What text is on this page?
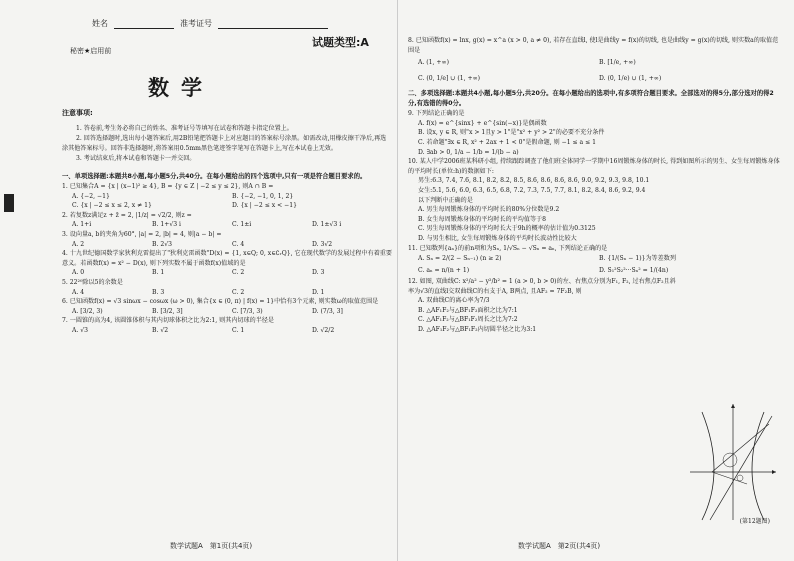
姓名	准考证号
试题类型:A
秘密★启用前
数学
注意事项:

1. 答卷前,考生务必将自己的姓名、准考证号等填写在试卷和答题卡指定位置上。

2. 回答选择题时,选出每小题答案后,用2B铅笔把答题卡上对应题目的答案标号涂黑。如需改动,用橡皮擦干净后,再选涂其他答案标号。回答非选择题时,将答案用0.5mm黑色笔迹签字笔写在答题卡上,写在本试卷上无效。

3. 考试结束后,将本试卷和答题卡一并交回。

一、单项选择题:本题共8小题,每小题5分,共40分。在每小题给出的四个选项中,只有一项是符合题目要求的。

1. 已知集合A = {x | (x−1)² ≥ 4}, B = {y ∈ Z | −2 ≤ y ≤ 2}, 则A ∩ B =

A. {−2, −1}	B. {−2, −1, 0, 1, 2}
C. {x | −2 ≤ x ≤ 2, x ≠ 1}	D. {x | −2 ≤ x < −1}

2. 若复数z满足z + z̄ = 2, |1/z| = √2/2, 则z =

A. 1+i	B. 1+√3 i	C. 1±i	D. 1±√3 i

3. 设向量a, b的夹角为60°, |a| = 2, |b| = 4, 则|a − b| =

A. 2	B. 2√3	C. 4	D. 3√2

4. 十九世纪德国数学家狄利克雷提出了"狄利克雷函数"D(x) = {1, x∈Q; 0, x∈∁ᵣQ}, 它在现代数学的发展过程中有着重要意义。若函数f(x) = x² − D(x), 则下列实数不属于函数f(x)值域的是

A. 0	B. 1	C. 2	D. 3

5. 22²⁰除以5的余数是

A. 4	B. 3	C. 2	D. 1

6. 已知函数f(x) = √3 sinωx − cosωx (ω > 0), 集合{x ∈ (0, π) | f(x) = 1}中恰有3个元素, 则实数ω的取值范围是

A. [3/2, 3)	B. [3/2, 3]	C. [7/3, 3)	D. (7/3, 3]

7. 一圆锥的高为4, 该圆锥体积与其内切球体积之比为2:1, 则其内切球的半径是

A. √3	B. √2	C. 1	D. √2/2
数学试题A　第1页(共4页)

8. 已知函数f(x) = lnx, g(x) = x^a (x > 0, a ≠ 0), 若存在直线l, 使l是曲线y = f(x)的切线, 也是曲线y = g(x)的切线, 则实数a的取值范围是

A. (1, +∞)	B. [1/e, +∞)
C. (0, 1/e] ∪ (1, +∞)	D. (0, 1/e) ∪ (1, +∞)

二、多项选择题:本题共4小题,每小题5分,共20分。在每小题给出的选项中,有多项符合题目要求。全部选对的得5分,部分选对的得2分,有选错的得0分。

9. 下列结论正确的是

A. f(x) = e^{sinx} + e^{sin(−x)}是偶函数

B. 设x, y ∈ R, 则"x > 1且y > 1"是"x² + y² > 2"的必要不充分条件

C. 若命题"∃x ∈ R, x² + 2ax + 1 < 0"是假命题, 则 −1 ≤ a ≤ 1

D. ∃ab > 0, 1/a − 1/b = 1/(b − a)

10. 某人中学2006班某科研小组, 持续跟踪调查了他们班全体同学一学期中16周锻炼身体的时长, 得到如图所示的男生、女生每周锻炼身体的平均时长(单位:h)的数据如下:

男生:6.3, 7.4, 7.6, 8.1, 8.2, 8.2, 8.5, 8.6, 8.6, 8.6, 8.6, 9.0, 9.2, 9.3, 9.8, 10.1

女生:5.1, 5.6, 6.0, 6.3, 6.5, 6.8, 7.2, 7.3, 7.5, 7.7, 8.1, 8.2, 8.4, 8.6, 9.2, 9.4

以下判断中正确的是

A. 男生每周锻炼身体的平均时长的80%分位数是9.2

B. 女生每周锻炼身体的平均时长的平均值等于8

C. 男生每周锻炼身体的平均时长大于9h的概率的估计值为0.3125

D. 与男生相比, 女生每周锻炼身体的平均时长波动性比较大

11. 已知数列{aₙ}的前n项和为Sₙ, 1/√Sₙ − √Sₙ = aₙ, 下列结论正确的是

A. Sₙ = 2/(2 − Sₙ₋₁) (n ≥ 2)	B. {1/(Sₙ − 1)}为等差数列
C. aₙ = n/(n + 1)	D. S₁²S₂²···Sₙ² = 1/(4n)

12. 如图, 双曲线C: x²/a² − y²/b² = 1 (a > 0, b > 0)的左、右焦点分别为F₁, F₂, 过右焦点F₂且斜率为√3的直线l交双曲线C的右支于A, B两点, 且AF₂ = 7F₂B, 则

A. 双曲线C的离心率为7/3

B. △AF₁F₂与△BF₁F₂面积之比为7:1

C. △AF₁F₂与△BF₁F₂周长之比为7:2

D. △AF₁F₂与△BF₁F₂内切圆半径之比为3:1

(第12题图)
数学试题A　第2页(共4页)
